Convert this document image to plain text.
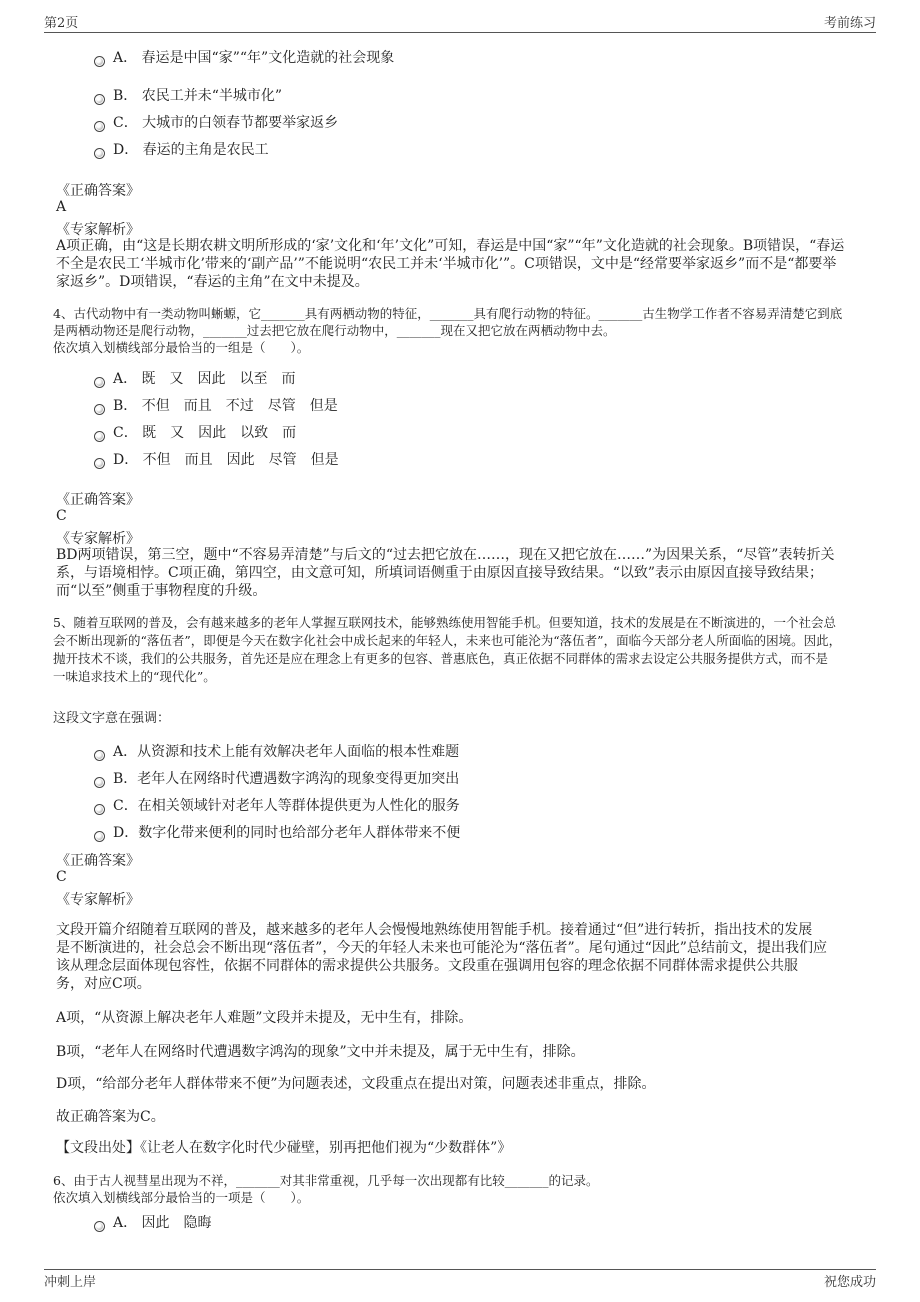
第2页	考前练习
A． 春运是中国“家”“年”文化造就的社会现象
B． 农民工并未“半城市化”
C． 大城市的白领春节都要举家返乡
D． 春运的主角是农民工
《正确答案》
A
《专家解析》
A项正确，由“这是长期农耕文明所形成的‘家’文化和‘年’文化”可知，春运是中国“家”“年”文化造就的社会现象。B项错误，“春运
不全是农民工‘半城市化’带来的‘副产品’”不能说明“农民工并未‘半城市化’”。C项错误，文中是“经常要举家返乡”而不是“都要举
家返乡”。D项错误，“春运的主角”在文中未提及。
4、古代动物中有一类动物叫蜥螈，它_______具有两栖动物的特征，_______具有爬行动物的特征。_______古生物学工作者不容易弄清楚它到底
是两栖动物还是爬行动物，_______过去把它放在爬行动物中，_______现在又把它放在两栖动物中去。
依次填入划横线部分最恰当的一组是（　　）。
A． 既　又　因此　以至　而
B． 不但　而且　不过　尽管　但是
C． 既　又　因此　以致　而
D． 不但　而且　因此　尽管　但是
《正确答案》
C
《专家解析》
BD两项错误，第三空，题中“不容易弄清楚”与后文的“过去把它放在……，现在又把它放在……”为因果关系，“尽管”表转折关
系，与语境相悖。C项正确，第四空，由文意可知，所填词语侧重于由原因直接导致结果。“以致”表示由原因直接导致结果；
而“以至”侧重于事物程度的升级。
5、随着互联网的普及，会有越来越多的老年人掌握互联网技术，能够熟练使用智能手机。但要知道，技术的发展是在不断演进的，一个社会总
会不断出现新的“落伍者”，即便是今天在数字化社会中成长起来的年轻人，未来也可能沦为“落伍者”，面临今天部分老人所面临的困境。因此，
抛开技术不谈，我们的公共服务，首先还是应在理念上有更多的包容、普惠底色，真正依据不同群体的需求去设定公共服务提供方式，而不是
一味追求技术上的“现代化”。
这段文字意在强调：
A．从资源和技术上能有效解决老年人面临的根本性难题
B．老年人在网络时代遭遇数字鸿沟的现象变得更加突出
C．在相关领域针对老年人等群体提供更为人性化的服务
D．数字化带来便利的同时也给部分老年人群体带来不便
《正确答案》
C
《专家解析》
文段开篇介绍随着互联网的普及，越来越多的老年人会慢慢地熟练使用智能手机。接着通过“但”进行转折，指出技术的发展
是不断演进的，社会总会不断出现“落伍者”，今天的年轻人未来也可能沦为“落伍者”。尾句通过“因此”总结前文，提出我们应
该从理念层面体现包容性，依据不同群体的需求提供公共服务。文段重在强调用包容的理念依据不同群体需求提供公共服
务，对应C项。
A项，“从资源上解决老年人难题”文段并未提及，无中生有，排除。
B项，“老年人在网络时代遭遇数字鸿沟的现象”文中并未提及，属于无中生有，排除。
D项，“给部分老年人群体带来不便”为问题表述，文段重点在提出对策，问题表述非重点，排除。
故正确答案为C。
【文段出处】《让老人在数字化时代少碰壁，别再把他们视为“少数群体”》
6、由于古人视彗星出现为不祥，_______对其非常重视，几乎每一次出现都有比较_______的记录。
依次填入划横线部分最恰当的一项是（　　）。
A． 因此　隐晦
冲刺上岸	祝您成功
